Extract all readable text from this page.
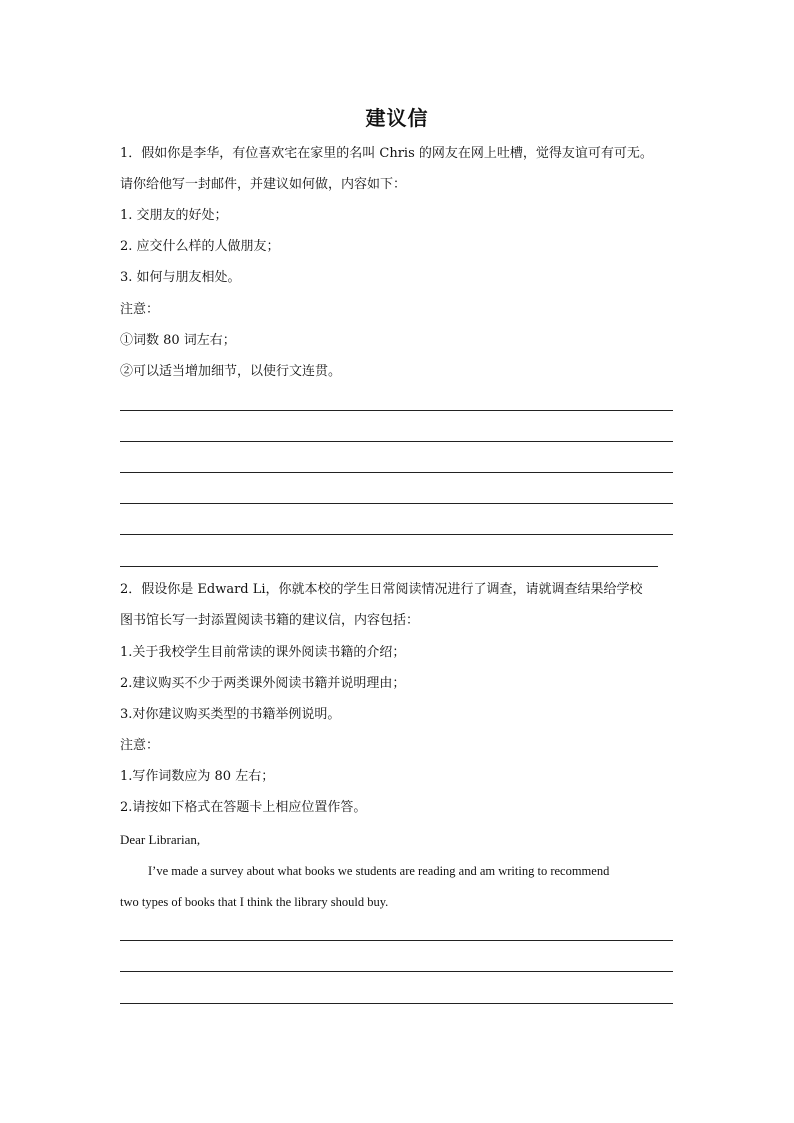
建议信
1．假如你是李华，有位喜欢宅在家里的名叫 Chris 的网友在网上吐槽，觉得友谊可有可无。
请你给他写一封邮件，并建议如何做，内容如下：
1. 交朋友的好处；
2. 应交什么样的人做朋友；
3. 如何与朋友相处。
注意：
①词数 80 词左右；
②可以适当增加细节，以使行文连贯。
2．假设你是 Edward Li，你就本校的学生日常阅读情况进行了调查，请就调查结果给学校
图书馆长写一封添置阅读书籍的建议信，内容包括：
1.关于我校学生目前常读的课外阅读书籍的介绍；
2.建议购买不少于两类课外阅读书籍并说明理由；
3.对你建议购买类型的书籍举例说明。
注意：
1.写作词数应为 80 左右；
2.请按如下格式在答题卡上相应位置作答。
Dear Librarian,
I’ve made a survey about what books we students are reading and am writing to recommend
two types of books that I think the library should buy.
